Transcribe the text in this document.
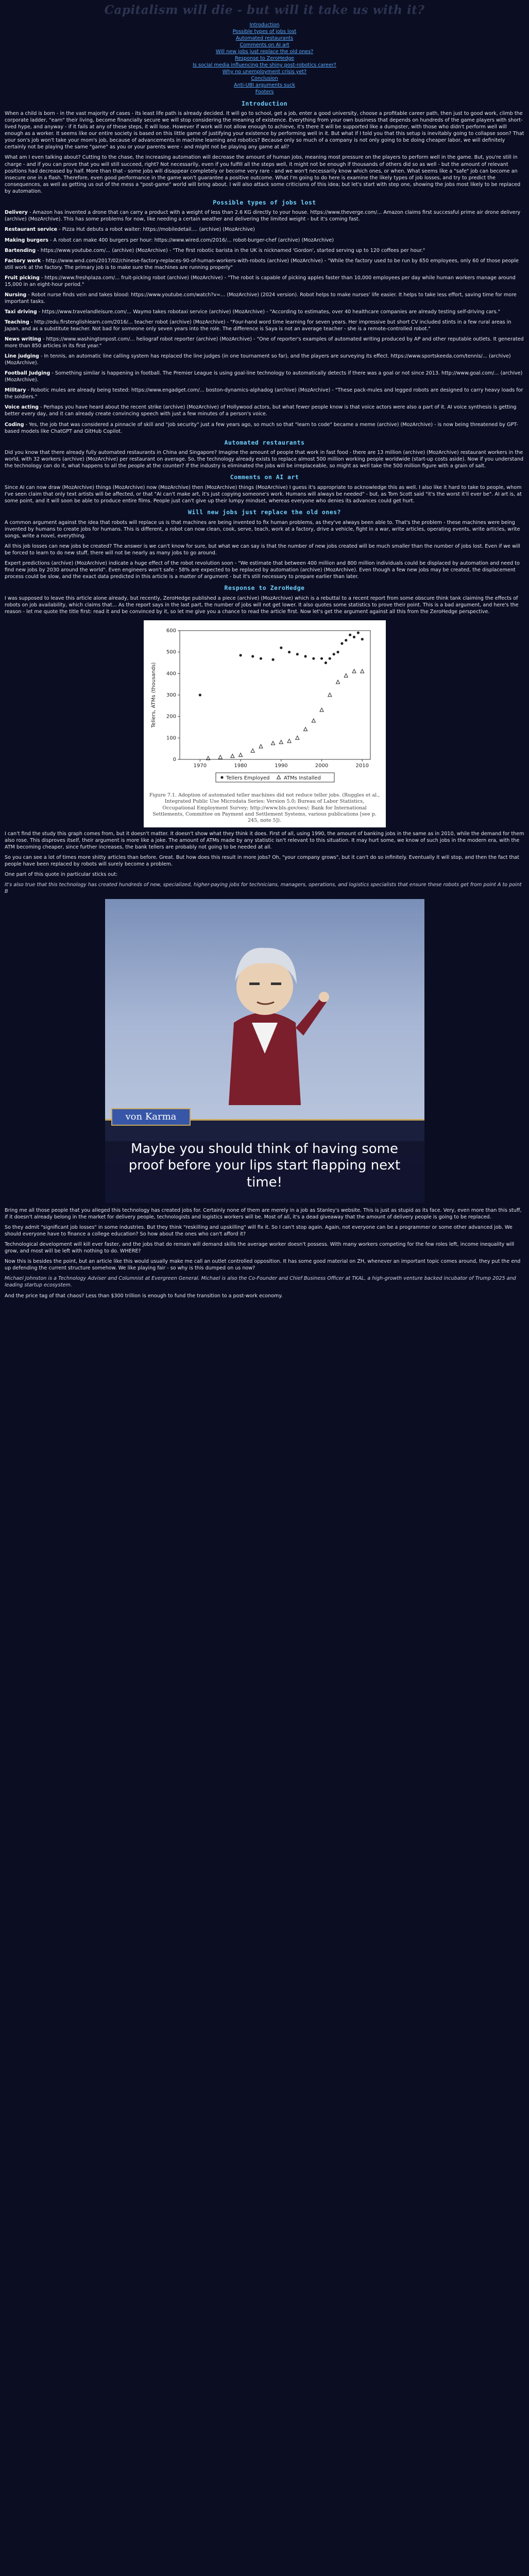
Capitalism will die - but will it take us with it?
Introduction
Possible types of jobs lost
Automated restaurants
Comments on AI art
Will new jobs just replace the old ones?
Response to ZeroHedge
Is social media influencing the shiny post-robotics career?
Why no unemployment crisis yet?
Conclusion
Anti-UBI arguments suck
Footers
Introduction

When a child is born - in the vast majority of cases - its least life path is already decided. It will go to school, get a job, enter a good university, choose a profitable career path, then just to good work, climb the corporate ladder, "earn" their living, become financially secure we will stop considering the meaning of existence. Everything from your own business that depends on hundreds of the game players with short-lived hype, and anyway - if it fails at any of these steps, it will lose. However if work will not allow enough to achieve, it's there it will be supported like a dumpster, with those who didn't perform well will enough as a worker. It seems like our entire society is based on this little game of justifying your existence by performing well in it. But what if I told you that this setup is inevitably going to collapse soon? That your son's job won't take your mom's job, because of advancements in machine learning and robotics? Because only so much of a company is not only going to be doing cheaper labor, we will definitely certainly not be playing the same "game" as you or your parents were - and might not be playing any game at all?

What am I even talking about? Cutting to the chase, the increasing automation will decrease the amount of human jobs, meaning most pressure on the players to perform well in the game. But, you're still in charge - and if you can prove that you will still succeed, right? Not necessarily, even if you fulfill all the steps well, it might not be enough if thousands of others did so as well - but the amount of relevant positions had decreased by half. More than that - some jobs will disappear completely or become very rare - and we won't necessarily know which ones, or when. What seems like a "safe" job can become an insecure one in a flash. Therefore, even good performance in the game won't guarantee a positive outcome. What I'm going to do here is examine the likely types of job losses, and try to predict the consequences, as well as getting us out of the mess a "post-game" world will bring about. I will also attack some criticisms of this idea; but let's start with step one, showing the jobs most likely to be replaced by automation.

Possible types of jobs lost
Delivery - Amazon has invented a drone that can carry a product with a weight of less than 2.6 KG directly to your house. https://www.theverge.com/... Amazon claims first successful prime air drone delivery (archive) (MozArchive). This has some problems for now, like needing a certain weather and delivering the limited weight - but it's coming fast.
Restaurant service - Pizza Hut debuts a robot waiter: https://mobiledetail.... (archive) (MozArchive)
Making burgers - A robot can make 400 burgers per hour: https://www.wired.com/2016/... robot-burger-chef (archive) (MozArchive)
Bartending - https://www.youtube.com/... (archive) (MozArchive) - "The first robotic barista in the UK is nicknamed 'Gordon', started serving up to 120 coffees per hour."
Factory work - http://www.wnd.com/2017/02/chinese-factory-replaces-90-of-human-workers-with-robots (archive) (MozArchive) - "While the factory used to be run by 650 employees, only 60 of those people still work at the factory. The primary job is to make sure the machines are running properly"
Fruit picking - https://www.freshplaza.com/... fruit-picking robot (archive) (MozArchive) - "The robot is capable of picking apples faster than 10,000 employees per day while human workers manage around 15,000 in an eight-hour period."
Nursing - Robot nurse finds vein and takes blood: https://www.youtube.com/watch?v=... (MozArchive) (2024 version). Robot helps to make nurses' life easier. It helps to take less effort, saving time for more important tasks.
Taxi driving - https://www.travelandleisure.com/... Waymo takes robotaxi service (archive) (MozArchive) - "According to estimates, over 40 healthcare companies are already testing self-driving cars."
Teaching - http://edu.firstenglishlearn.com/2016/... teacher robot (archive) (MozArchive) - "Four-hand word time learning for seven years. Her impressive but short CV included stints in a few rural areas in Japan, and as a substitute teacher. Not bad for someone only seven years into the role. The difference is Saya is not an average teacher - she is a remote-controlled robot."
News writing - https://www.washingtonpost.com/... heliograf robot reporter (archive) (MozArchive) - "One of reporter's examples of automated writing produced by AP and other reputable outlets. It generated more than 850 articles in its first year."
Line judging - In tennis, an automatic line calling system has replaced the line judges (in one tournament so far), and the players are surveying its effect. https://www.sportskeeda.com/tennis/... (archive) (MozArchive).
Football Judging - Something similar is happening in football. The Premier League is using goal-line technology to automatically detects if there was a goal or not since 2013. http://www.goal.com/... (archive) (MozArchive).
Military - Robotic mules are already being tested: https://www.engadget.com/... boston-dynamics-alphadog (archive) (MozArchive) - "These pack-mules and legged robots are designed to carry heavy loads for the soldiers."
Voice acting - Perhaps you have heard about the recent strike (archive) (MozArchive) of Hollywood actors, but what fewer people know is that voice actors were also a part of it. AI voice synthesis is getting better every day, and it can already create convincing speech with just a few minutes of a person's voice.
Coding - Yes, the job that was considered a pinnacle of skill and "job security" just a few years ago, so much so that "learn to code" became a meme (archive) (MozArchive) - is now being threatened by GPT-based models like ChatGPT and GitHub Copilot.
Automated restaurants

Did you know that there already fully automated restaurants in China and Singapore? Imagine the amount of people that work in fast food - there are 13 million (archive) (MozArchive) restaurant workers in the world, with 32 workers (archive) (MozArchive) per restaurant on average. So, the technology already exists to replace almost 500 million working people worldwide (start-up costs aside). Now if you understand the technology can do it, what happens to all the people at the counter? If the industry is eliminated the jobs will be irreplaceable, so might as well take the 500 million figure with a grain of salt.

Comments on AI art

Since AI can now draw (MozArchive) things (MozArchive) now (MozArchive) then (MozArchive) things (MozArchive) I guess it's appropriate to acknowledge this as well. I also like it hard to take to people, whom I've seen claim that only text artists will be affected, or that "AI can't make art, it's just copying someone's work. Humans will always be needed" - but, as Tom Scott said "it's the worst it'll ever be". AI art is, at some point, and it will soon be able to produce entire films. People just can't give up their lumpy mindset, whereas everyone who denies its advances could get hurt.

Will new jobs just replace the old ones?

A common argument against the idea that robots will replace us is that machines are being invented to fix human problems, as they've always been able to. That's the problem - these machines were being invented by humans to create jobs for humans. This is different, a robot can now clean, cook, serve, teach, work at a factory, drive a vehicle, fight in a war, write articles, operating events, write articles, write songs, write a novel, everything.

All this job losses can new jobs be created? The answer is we can't know for sure, but what we can say is that the number of new jobs created will be much smaller than the number of jobs lost. Even if we will be forced to learn to do new stuff, there will not be nearly as many jobs to go around.

Expert predictions (archive) (MozArchive) indicate a huge effect of the robot revolution soon - "We estimate that between 400 million and 800 million individuals could be displaced by automation and need to find new jobs by 2030 around the world". Even engineers won't safe - 58% are expected to be replaced by automation (archive) (MozArchive). Even though a few new jobs may be created, the displacement process could be slow, and the exact data predicted in this article is a matter of argument - but it's still necessary to prepare earlier than later.

Response to ZeroHedge

I was supposed to leave this article alone already, but recently, ZeroHedge published a piece (archive) (MozArchive) which is a rebuttal to a recent report from some obscure think tank claiming the effects of robots on job availability, which claims that... As the report says in the last part, the number of jobs will not get lower. It also quotes some statistics to prove their point. This is a bad argument, and here's the reason - let me quote the title first: read it and be convinced by it, so let me give you a chance to read the article first. Now let's get the argument against all this from the ZeroHedge perspective.

0
100
200
300
400
500
600
1970	1980	1990	2000	2010
Tellers, ATMs (thousands)
Tellers Employed	ATMs Installed
Figure 7.1. Adoption of automated teller machines did not reduce teller jobs. (Ruggles et al., Integrated Public Use Microdata Series: Version 5.0; Bureau of Labor Statistics, Occupational Employment Survey; http://www.bls.gov/oes/; Bank for International Settlements, Committee on Payment and Settlement Systems, various publications [see p. 245, note 5]).

I can't find the study this graph comes from, but it doesn't matter. It doesn't show what they think it does. First of all, using 1990, the amount of banking jobs in the same as in 2010, while the demand for them also rose. This disproves itself, their argument is more like a joke. The amount of ATMs made by any statistic isn't relevant to this situation. It may hurt some, we know of such jobs in the modern era, with the ATM becoming cheaper, since further increases, the bank tellers are probably not going to be needed at all.

So you can see a lot of times more shitty articles than before. Great. But how does this result in more jobs? Oh, "your company grows", but it can't do so infinitely. Eventually it will stop, and then the fact that people have been replaced by robots will surely become a problem.

One part of this quote in particular sticks out:

It's also true that this technology has created hundreds of new, specialized, higher-paying jobs for technicians, managers, operations, and logistics specialists that ensure these robots get from point A to point B

von Karma
Maybe you should think of having some proof before your lips start flapping next time!

Bring me all those people that you alleged this technology has created jobs for. Certainly none of them are merely in a job as Stanley's website. This is just as stupid as its face. Very, even more than this stuff, if it doesn't already belong in the market for delivery people, technologists and logistics workers will be. Most of all, it's a dead giveaway that the amount of delivery people is going to be replaced.

So they admit "significant job losses" in some industries. But they think "reskilling and upskilling" will fix it. So I can't stop again. Again, not everyone can be a programmer or some other advanced job. We should everyone have to finance a college education? So how about the ones who can't afford it?

Technological development will kill ever faster, and the jobs that do remain will demand skills the average worker doesn't possess. With many workers competing for the few roles left, income inequality will grow, and most will be left with nothing to do. WHERE?

Now this is besides the point, but an article like this would usually make me call an outlet controlled opposition. It has some good material on ZH, whenever an important topic comes around, they put the end up defending the current structure somehow. We like playing fair - so why is this dumped on us now?

Michael Johnston is a Technology Adviser and Columnist at Evergreen General. Michael is also the Co-Founder and Chief Business Officer at TKAL, a high-growth venture backed incubator of Trump 2025 and leading startup ecosystem.

And the price tag of that chaos? Less than $300 trillion is enough to fund the transition to a post-work economy.
